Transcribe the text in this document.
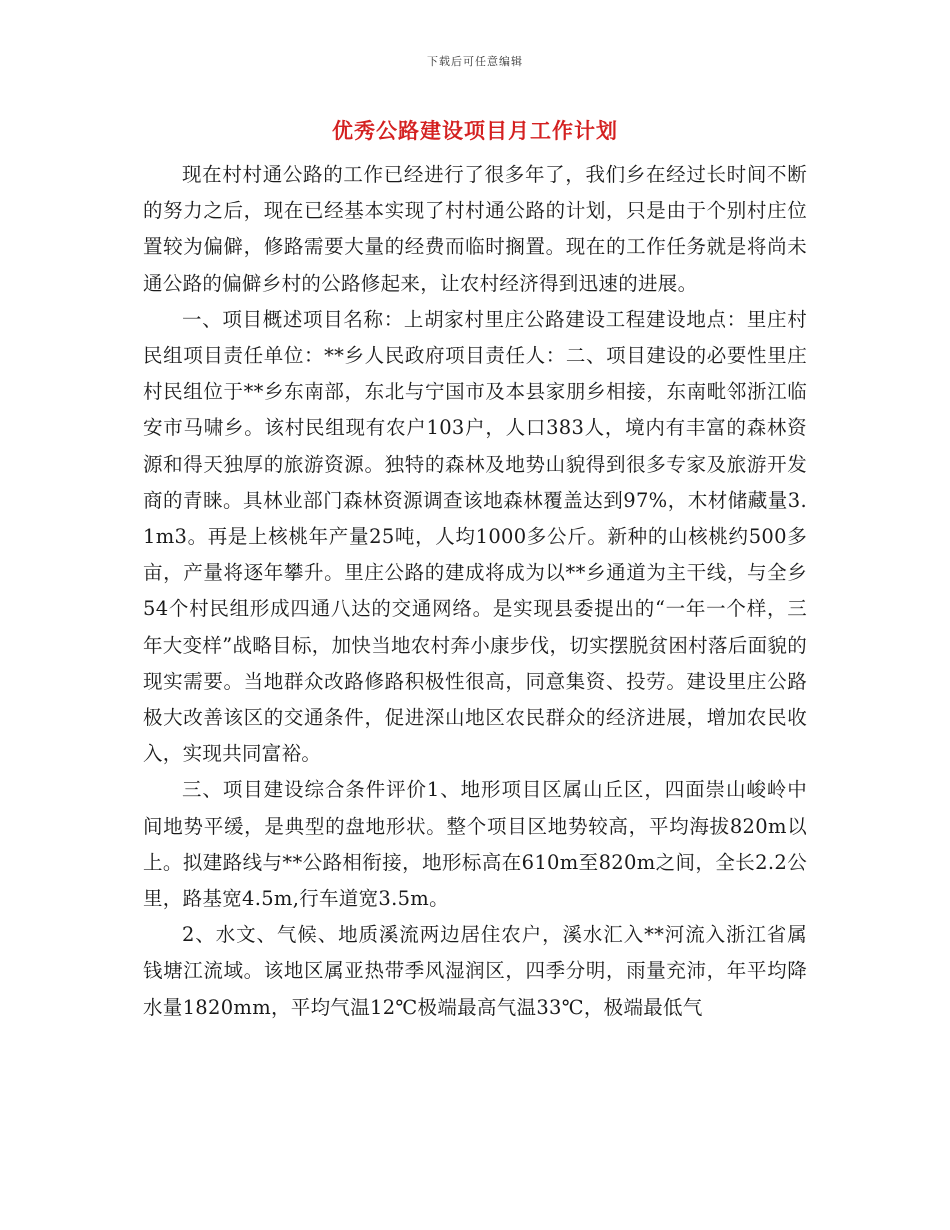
下载后可任意编辑
优秀公路建设项目月工作计划

现在村村通公路的工作已经进行了很多年了，我们乡在经过长时间不断的努力之后，现在已经基本实现了村村通公路的计划，只是由于个别村庄位置较为偏僻，修路需要大量的经费而临时搁置。现在的工作任务就是将尚未通公路的偏僻乡村的公路修起来，让农村经济得到迅速的进展。

一、项目概述项目名称：上胡家村里庄公路建设工程建设地点：里庄村民组项目责任单位：**乡人民政府项目责任人：二、项目建设的必要性里庄村民组位于**乡东南部，东北与宁国市及本县家朋乡相接，东南毗邻浙江临安市马啸乡。该村民组现有农户103户，人口383人，境内有丰富的森林资源和得天独厚的旅游资源。独特的森林及地势山貌得到很多专家及旅游开发商的青睐。具林业部门森林资源调查该地森林覆盖达到97%，木材储藏量3.1m3。再是上核桃年产量25吨，人均1000多公斤。新种的山核桃约500多亩，产量将逐年攀升。里庄公路的建成将成为以**乡通道为主干线，与全乡54个村民组形成四通八达的交通网络。是实现县委提出的“一年一个样，三年大变样”战略目标，加快当地农村奔小康步伐，切实摆脱贫困村落后面貌的现实需要。当地群众改路修路积极性很高，同意集资、投劳。建设里庄公路极大改善该区的交通条件，促进深山地区农民群众的经济进展，增加农民收入，实现共同富裕。

三、项目建设综合条件评价1、地形项目区属山丘区，四面崇山峻岭中间地势平缓，是典型的盘地形状。整个项目区地势较高，平均海拔820m以上。拟建路线与**公路相衔接，地形标高在610m至820m之间，全长2.2公里，路基宽4.5m,行车道宽3.5m。

2、水文、气候、地质溪流两边居住农户，溪水汇入**河流入浙江省属钱塘江流域。该地区属亚热带季风湿润区，四季分明，雨量充沛，年平均降水量1820mm，平均气温12℃极端最高气温33℃，极端最低气
